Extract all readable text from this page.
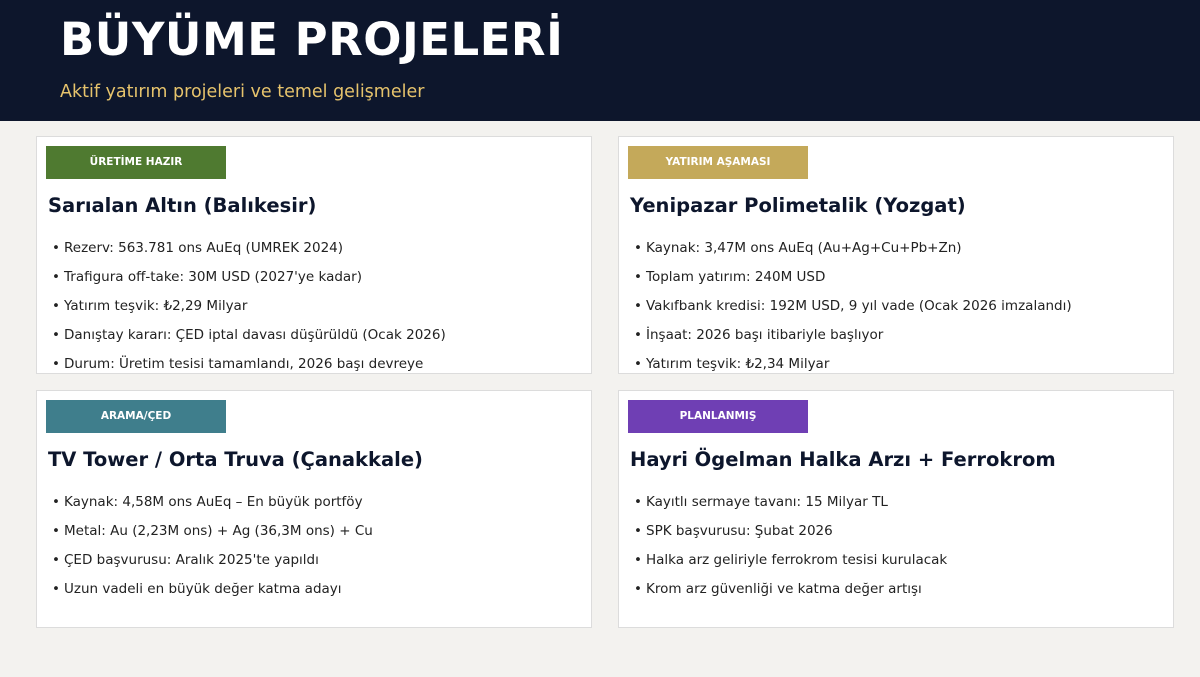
BÜYÜME PROJELERİ
Aktif yatırım projeleri ve temel gelişmeler
ÜRETİME HAZIR
Sarıalan Altın (Balıkesir)
• Rezerv: 563.781 ons AuEq (UMREK 2024)
• Trafigura off-take: 30M USD (2027'ye kadar)
• Yatırım teşvik: ₺2,29 Milyar
• Danıştay kararı: ÇED iptal davası düşürüldü (Ocak 2026)
• Durum: Üretim tesisi tamamlandı, 2026 başı devreye
YATIRIM AŞAMASI
Yenipazar Polimetalik (Yozgat)
• Kaynak: 3,47M ons AuEq (Au+Ag+Cu+Pb+Zn)
• Toplam yatırım: 240M USD
• Vakıfbank kredisi: 192M USD, 9 yıl vade (Ocak 2026 imzalandı)
• İnşaat: 2026 başı itibariyle başlıyor
• Yatırım teşvik: ₺2,34 Milyar
ARAMA/ÇED
TV Tower / Orta Truva (Çanakkale)
• Kaynak: 4,58M ons AuEq – En büyük portföy
• Metal: Au (2,23M ons) + Ag (36,3M ons) + Cu
• ÇED başvurusu: Aralık 2025'te yapıldı
• Uzun vadeli en büyük değer katma adayı
PLANLANMIŞ
Hayri Ögelman Halka Arzı + Ferrokrom
• Kayıtlı sermaye tavanı: 15 Milyar TL
• SPK başvurusu: Şubat 2026
• Halka arz geliriyle ferrokrom tesisi kurulacak
• Krom arz güvenliği ve katma değer artışı
